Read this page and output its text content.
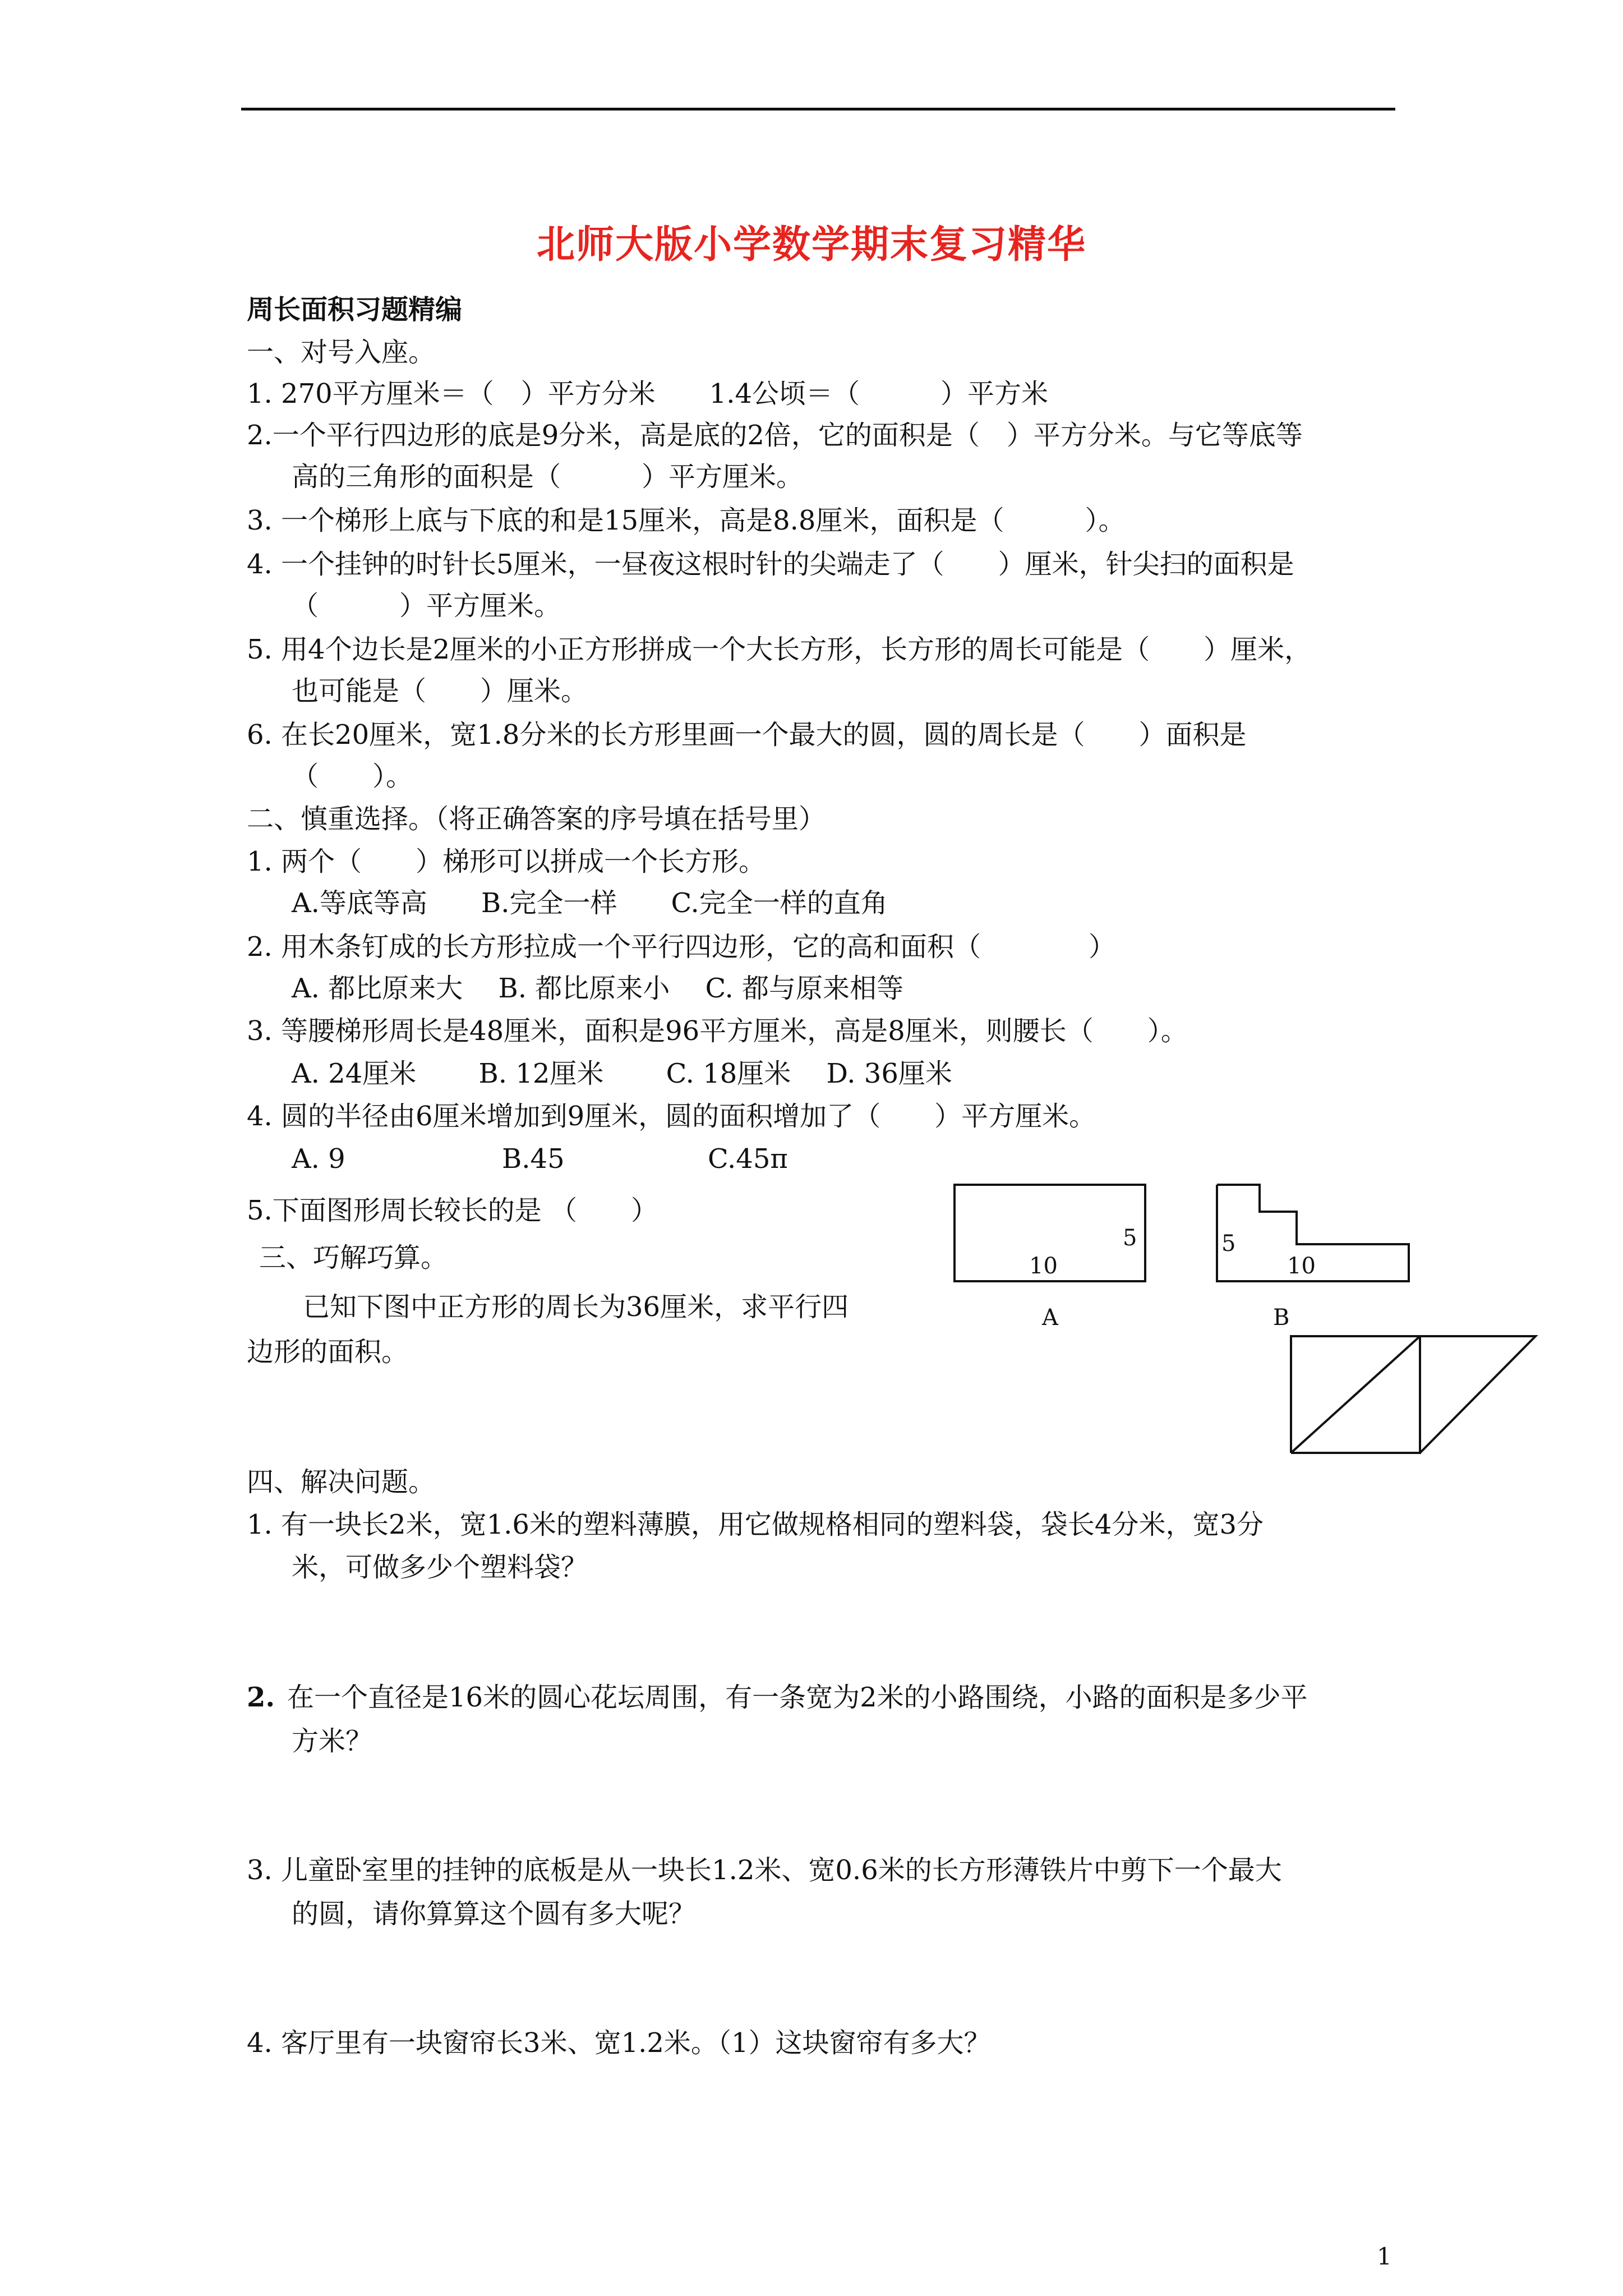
北师大版小学数学期末复习精华
周长面积习题精编
一、对号入座。
1. 270平方厘米＝（　）平方分米　　1.4公顷＝（　　　）平方米
2.一个平行四边形的底是9分米，高是底的2倍，它的面积是（　）平方分米。与它等底等
高的三角形的面积是（　　　）平方厘米。
3. 一个梯形上底与下底的和是15厘米，高是8.8厘米，面积是（　　　）。
4. 一个挂钟的时针长5厘米，一昼夜这根时针的尖端走了（　　）厘米，针尖扫的面积是
（　　　）平方厘米。
5. 用4个边长是2厘米的小正方形拼成一个大长方形，长方形的周长可能是（　　）厘米，
也可能是（　　）厘米。
6. 在长20厘米，宽1.8分米的长方形里画一个最大的圆，圆的周长是（　　）面积是
（　　）。
二、慎重选择。（将正确答案的序号填在括号里）
1. 两个（　　）梯形可以拼成一个长方形。
A.等底等高　　B.完全一样　　C.完全一样的直角
2. 用木条钉成的长方形拉成一个平行四边形，它的高和面积（　　　　）
A. 都比原来大　 B. 都比原来小　 C. 都与原来相等
3. 等腰梯形周长是48厘米，面积是96平方厘米，高是8厘米，则腰长（　　）。
A. 24厘米　　 B. 12厘米　　 C. 18厘米　 D. 36厘米
4. 圆的半径由6厘米增加到9厘米，圆的面积增加了（　　）平方厘米。
A. 9	B.45	C.45π
5.下面图形周长较长的是 （　　）
三、巧解巧算。
已知下图中正方形的周长为36厘米，求平行四
边形的面积。
5
10
A
5
10
B
四、解决问题。
1. 有一块长2米，宽1.6米的塑料薄膜，用它做规格相同的塑料袋，袋长4分米，宽3分
米，可做多少个塑料袋？
2. 在一个直径是16米的圆心花坛周围，有一条宽为2米的小路围绕，小路的面积是多少平
方米？
3. 儿童卧室里的挂钟的底板是从一块长1.2米、宽0.6米的长方形薄铁片中剪下一个最大
的圆，请你算算这个圆有多大呢？
4. 客厅里有一块窗帘长3米、宽1.2米。（1）这块窗帘有多大？
1
